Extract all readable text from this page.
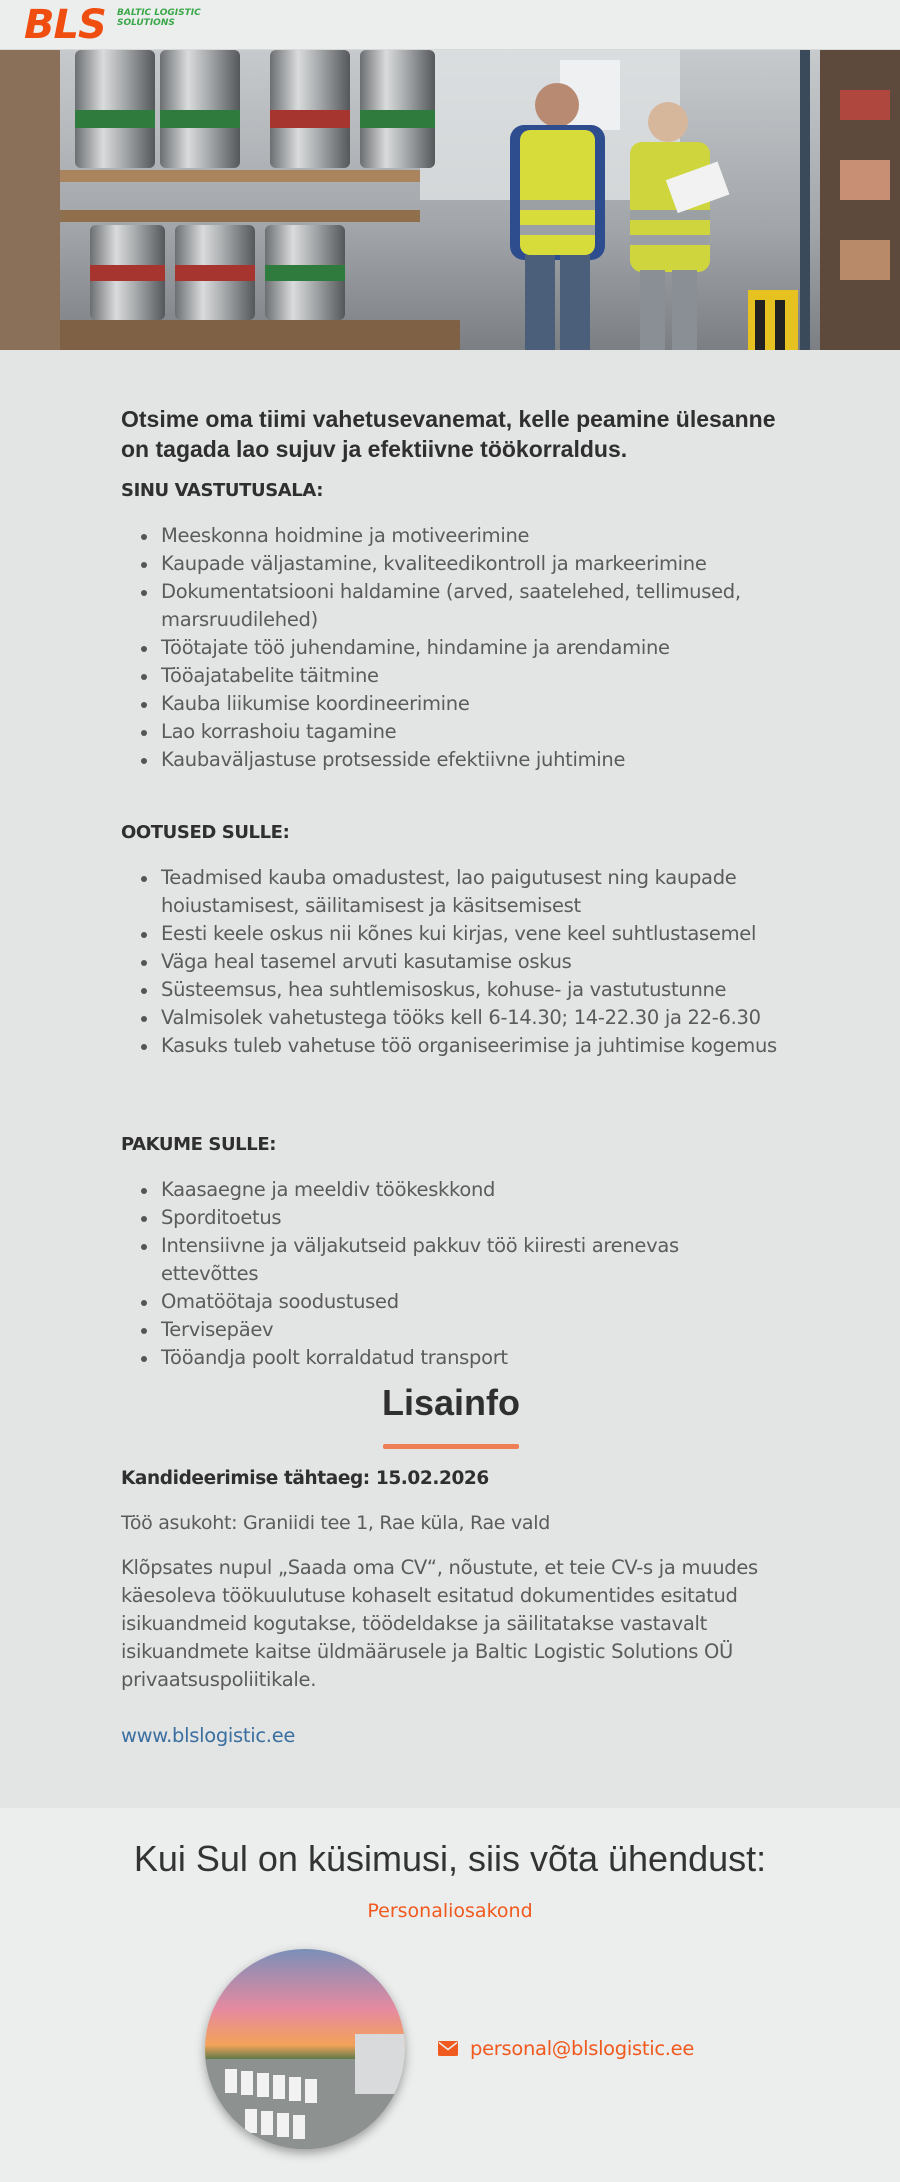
BLS BALTIC LOGISTIC
SOLUTIONS
Otsime oma tiimi vahetusevanemat, kelle peamine ülesanne on tagada lao sujuv ja efektiivne töökorraldus.
SINU VASTUTUSALA:
Meeskonna hoidmine ja motiveerimine
Kaupade väljastamine, kvaliteedikontroll ja markeerimine
Dokumentatsiooni haldamine (arved, saatelehed, tellimused, marsruudilehed)
Töötajate töö juhendamine, hindamine ja arendamine
Tööajatabelite täitmine
Kauba liikumise koordineerimine
Lao korrashoiu tagamine
Kaubaväljastuse protsesside efektiivne juhtimine
OOTUSED SULLE:
Teadmised kauba omadustest, lao paigutusest ning kaupade hoiustamisest, säilitamisest ja käsitsemisest
Eesti keele oskus nii kõnes kui kirjas, vene keel suhtlustasemel
Väga heal tasemel arvuti kasutamise oskus
Süsteemsus, hea suhtlemisoskus, kohuse- ja vastutustunne
Valmisolek vahetustega tööks kell 6-14.30; 14-22.30 ja 22-6.30
Kasuks tuleb vahetuse töö organiseerimise ja juhtimise kogemus
PAKUME SULLE:
Kaasaegne ja meeldiv töökeskkond
Sporditoetus
Intensiivne ja väljakutseid pakkuv töö kiiresti arenevas ettevõttes
Omatöötaja soodustused
Tervisepäev
Tööandja poolt korraldatud transport
Lisainfo
Kandideerimise tähtaeg: 15.02.2026
Töö asukoht: Graniidi tee 1, Rae küla, Rae vald
Klõpsates nupul „Saada oma CV“, nõustute, et teie CV-s ja muudes käesoleva töökuulutuse kohaselt esitatud dokumentides esitatud isikuandmeid kogutakse, töödeldakse ja säilitatakse vastavalt isikuandmete kaitse üldmäärusele ja Baltic Logistic Solutions OÜ privaatsuspoliitikale.
www.blslogistic.ee
Kui Sul on küsimusi, siis võta ühendust:
Personaliosakond
personal@blslogistic.ee
